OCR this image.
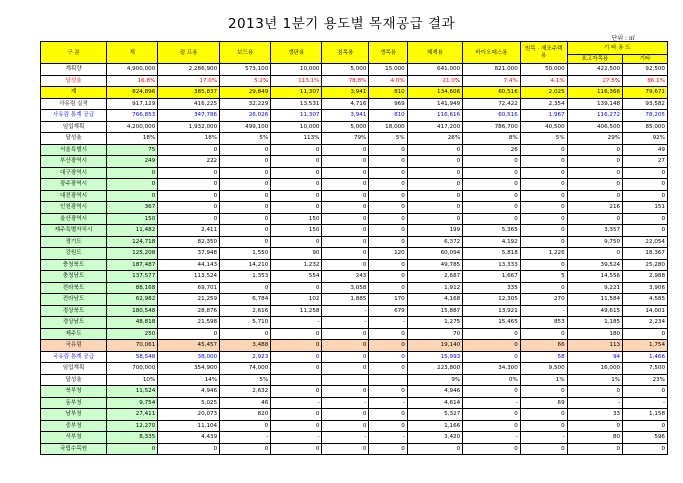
2013년 1분기 용도별 목재공급 결과
단위 : ㎥
구 분	계	펄 프용	보드용	갱판용	침목용	갱목용	제재용	바이오매스용	원목 · 재조주택용	기 타 용 도	
										표고자목용	기타
계획량	4,900,000	2,286,900	573,100	10,000	5,000	15,000	641,000	821,000	50,000	422,500	92,500
달성율	16.8%	17.0%	5.2%	113.1%	78.8%	4.0%	21.0%	7.4%	4.1%	27.5%	86.1%
계	824,896	385,837	29,849	11,307	3,941	810	134,606	60,516	2,025	116,366	79,671
사유림 실적	917,129	416,225	32,229	13,531	4,716	969	141,949	72,422	2,354	139,148	93,582
사유림 통계 공급	766,853	347,786	26,026	11,307	3,941	810	116,616	60,516	1,967	116,272	78,205
임업계획	4,200,000	1,932,000	499,100	10,000	5,000	18,000	417,200	786,700	40,500	406,500	85,000
달성율	18%	18%	5%	113%	79%	5%	28%	8%	5%	29%	92%
서울특별시	75	0	0	0	0	0	0	26	0	0	49
부산광역시	249	222	0	0	0	0	0	0	0	0	27
대구광역시	0	0	0	0	0	0	0	0	0	0	0
광주광역시	0	0	0	0	0	0	0	0	0	0	0
대전광역시	0	0	0	0	0	0	0	0	0	0	0
인천광역시	367	0	0	0	0	0	0	0	0	216	151
울산광역시	150	0	0	150	0	0	0	0	0	0	0
제주특별자치시	11,482	2,411	0	150	0	0	199	5,365	0	3,357	0
경기도	124,718	82,350	0	0	0	0	6,372	4,192	0	9,750	22,054
강원도	125,208	37,948	1,550	90	0	120	60,094	5,818	1,226	0	18,367
충청북도	187,487	44,143	14,210	1,232	0	0	49,785	13,333	0	39,524	25,280
충청남도	137,577	113,524	1,353	554	243	0	2,687	1,667	5	14,556	2,988
전라북도	88,168	69,701	0	0	3,058	0	1,912	335	0	9,221	3,906
전라남도	62,982	21,259	6,784	102	1,885	170	4,168	12,305	270	11,584	4,585
경상북도	180,548	28,876	2,616	11,258	-	679	15,887	13,921	-	49,615	14,001
경상남도	48,818	21,598	5,710	-	-	-	1,275	15,465	853	1,185	2,234
제주도	250	0	0	0	0	0	70	0	0	180	0
국유림	70,061	45,457	3,488	0	0	0	19,140	0	66	113	1,754
국유림 통계 공급	58,548	38,000	2,923	0	0	0	15,993	0	58	94	1,466
임업계획	700,000	354,900	74,000	0	0	0	223,800	34,300	9,500	16,000	7,500
달성율	10%	14%	5%				9%	0%	1%	1%	23%
북부청	11,524	4,946	2,632	0	0	0	4,946	0	0	0	0
동부청	9,754	5,025	46	-	-	-	4,614	-	69	-	-
남부청	27,411	20,073	820	0	0	0	5,327	0	0	33	1,158
중부청	12,270	11,104	0	0	0	0	1,166	0	0	0	0
서부청	8,335	4,439	-	-	-	-	3,420	-	-	80	596
국립수목원	0	0	0	0	0	0	0	0	0	0	0
